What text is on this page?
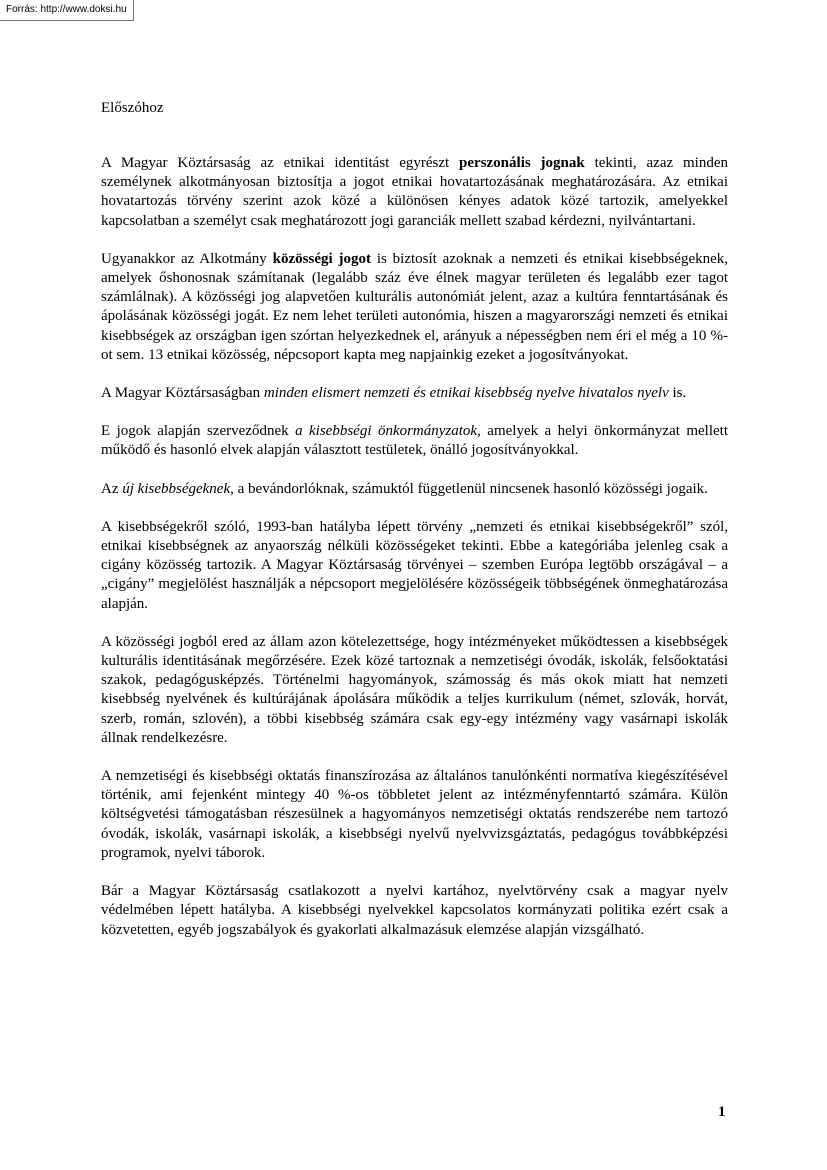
Forrás: http://www.doksi.hu

Előszóhoz

A Magyar Köztársaság az etnikai identitást egyrészt perszonális jognak tekinti, azaz minden személynek alkotmányosan biztosítja a jogot etnikai hovatartozásának meghatározására. Az etnikai hovatartozás törvény szerint azok közé a különösen kényes adatok közé tartozik, amelyekkel kapcsolatban a személyt csak meghatározott jogi garanciák mellett szabad kérdezni, nyilvántartani.

Ugyanakkor az Alkotmány közösségi jogot is biztosít azoknak a nemzeti és etnikai kisebbségeknek, amelyek őshonosnak számítanak (legalább száz éve élnek magyar területen és legalább ezer tagot számlálnak). A közösségi jog alapvetően kulturális autonómiát jelent, azaz a kultúra fenntartásának és ápolásának közösségi jogát. Ez nem lehet területi autonómia, hiszen a magyarországi nemzeti és etnikai kisebbségek az országban igen szórtan helyezkednek el, arányuk a népességben nem éri el még a 10 %-ot sem. 13 etnikai közösség, népcsoport kapta meg napjainkig ezeket a jogosítványokat.

A Magyar Köztársaságban minden elismert nemzeti és etnikai kisebbség nyelve hivatalos nyelv is.

E jogok alapján szerveződnek a kisebbségi önkormányzatok, amelyek a helyi önkormányzat mellett működő és hasonló elvek alapján választott testületek, önálló jogosítványokkal.

Az új kisebbségeknek, a bevándorlóknak, számuktól függetlenül nincsenek hasonló közösségi jogaik.

A kisebbségekről szóló, 1993-ban hatályba lépett törvény „nemzeti és etnikai kisebbségekről” szól, etnikai kisebbségnek az anyaország nélküli közösségeket tekinti. Ebbe a kategóriába jelenleg csak a cigány közösség tartozik. A Magyar Köztársaság törvényei – szemben Európa legtöbb országával – a „cigány” megjelölést használják a népcsoport megjelölésére közösségeik többségének önmeghatározása alapján.

A közösségi jogból ered az állam azon kötelezettsége, hogy intézményeket működtessen a kisebbségek kulturális identitásának megőrzésére. Ezek közé tartoznak a nemzetiségi óvodák, iskolák, felsőoktatási szakok, pedagógusképzés. Történelmi hagyományok, számosság és más okok miatt hat nemzeti kisebbség nyelvének és kultúrájának ápolására működik a teljes kurrikulum (német, szlovák, horvát, szerb, román, szlovén), a többi kisebbség számára csak egy-egy intézmény vagy vasárnapi iskolák állnak rendelkezésre.

A nemzetiségi és kisebbségi oktatás finanszírozása az általános tanulónkénti normatíva kiegészítésével történik, ami fejenként mintegy 40 %-os többletet jelent az intézményfenntartó számára. Külön költségvetési támogatásban részesülnek a hagyományos nemzetiségi oktatás rendszerébe nem tartozó óvodák, iskolák, vasárnapi iskolák, a kisebbségi nyelvű nyelvvizsgáztatás, pedagógus továbbképzési programok, nyelvi táborok.

Bár a Magyar Köztársaság csatlakozott a nyelvi kartához, nyelvtörvény csak a magyar nyelv védelmében lépett hatályba. A kisebbségi nyelvekkel kapcsolatos kormányzati politika ezért csak a közvetetten, egyéb jogszabályok és gyakorlati alkalmazásuk elemzése alapján vizsgálható.

1
